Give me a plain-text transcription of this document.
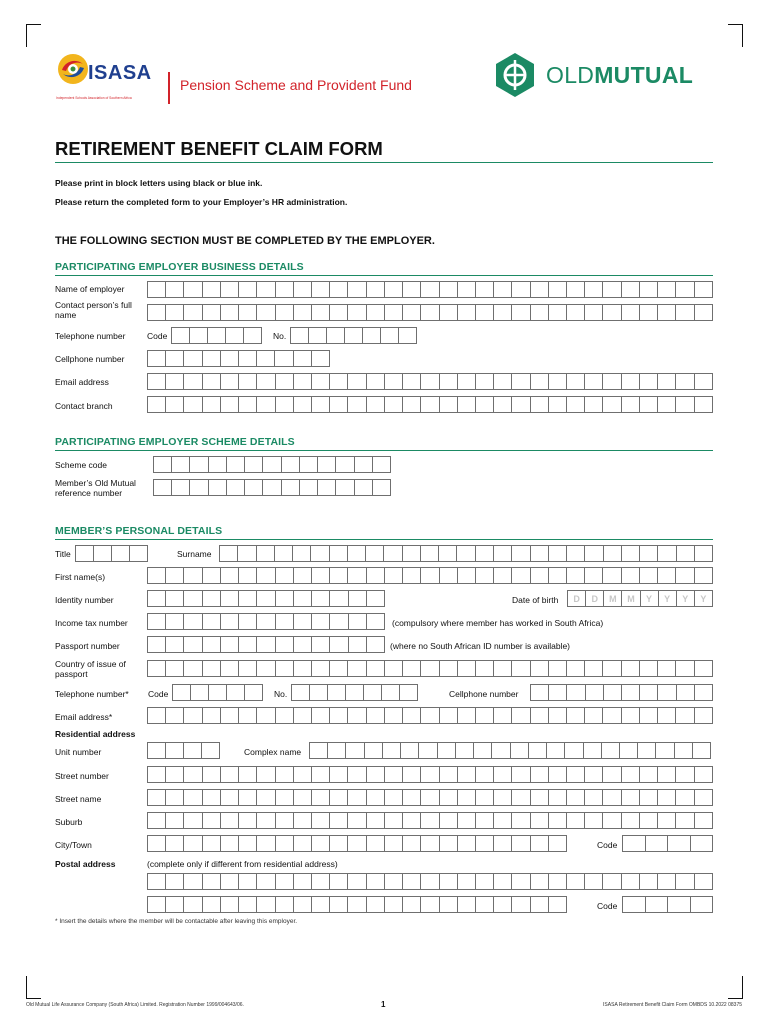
ISASA
Independent Schools Association of Southern Africa
Pension Scheme and Provident Fund	OLDMUTUAL
RETIREMENT BENEFIT CLAIM FORM
Please print in block letters using black or blue ink.
Please return the completed form to your Employer’s HR administration.
THE FOLLOWING SECTION MUST BE COMPLETED BY THE EMPLOYER.
PARTICIPATING EMPLOYER BUSINESS DETAILS
Name of employer
Contact person’s full name
Telephone number	Code	No.
Cellphone number
Email address
Contact branch
PARTICIPATING EMPLOYER SCHEME DETAILS
Scheme code
Member’s Old Mutual reference number
MEMBER’S PERSONAL DETAILS
Title	Surname
First name(s)
Identity number	Date of birth	D	D	M	M	Y	Y	Y	Y
Income tax number	(compulsory where member has worked in South Africa)
Passport number	(where no South African ID number is available)
Country of issue of passport
Telephone number* Code	No.	Cellphone number
Email address*
Residential address
Unit number	Complex name
Street number
Street name
Suburb
City/Town	Code
Postal address	(complete only if different from residential address)
Code
* Insert the details where the member will be contactable after leaving this employer.
Old Mutual Life Assurance Company (South Africa) Limited. Registration Number 1999/004643/06.	1	ISASA Retirement Benefit Claim Form OMBDS 10.2022 08375
